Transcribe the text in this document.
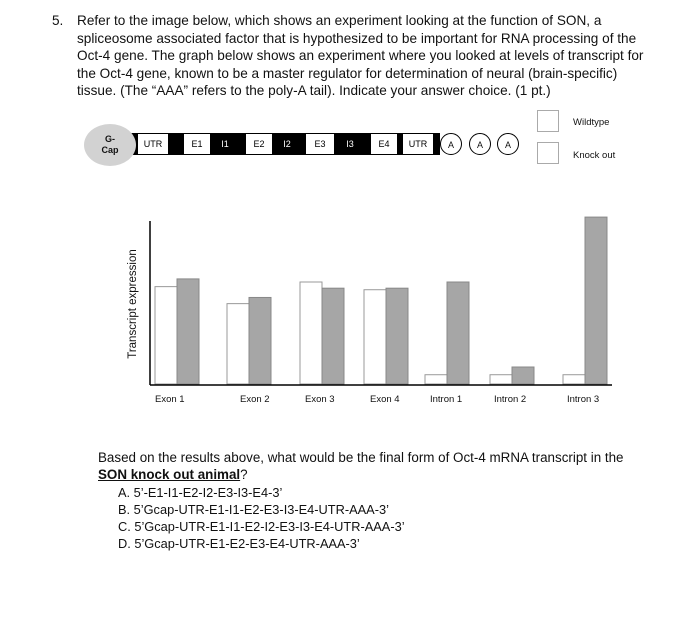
5. Refer to the image below, which shows an experiment looking at the function of SON, a
spliceosome associated factor that is hypothesized to be important for RNA processing of the
Oct-4 gene. The graph below shows an experiment where you looked at levels of transcript for
the Oct-4 gene, known to be a master regulator for determination of neural (brain-specific)
tissue. (The “AAA” refers to the poly-A tail). Indicate your answer choice. (1 pt.)
G-
Cap
UTR	E1	I1	E2	I2	E3	I3	E4	UTR	A	A	A
Wildtype
Knock out
Transcript expression
Exon 1	Exon 2	Exon 3	Exon 4	Intron 1	Intron 2	Intron 3
Based on the results above, what would be the final form of Oct-4 mRNA transcript in the
SON knock out animal?
A. 5’-E1-I1-E2-I2-E3-I3-E4-3’
B. 5’Gcap-UTR-E1-I1-E2-E3-I3-E4-UTR-AAA-3’
C. 5’Gcap-UTR-E1-I1-E2-I2-E3-I3-E4-UTR-AAA-3’
D. 5’Gcap-UTR-E1-E2-E3-E4-UTR-AAA-3’
